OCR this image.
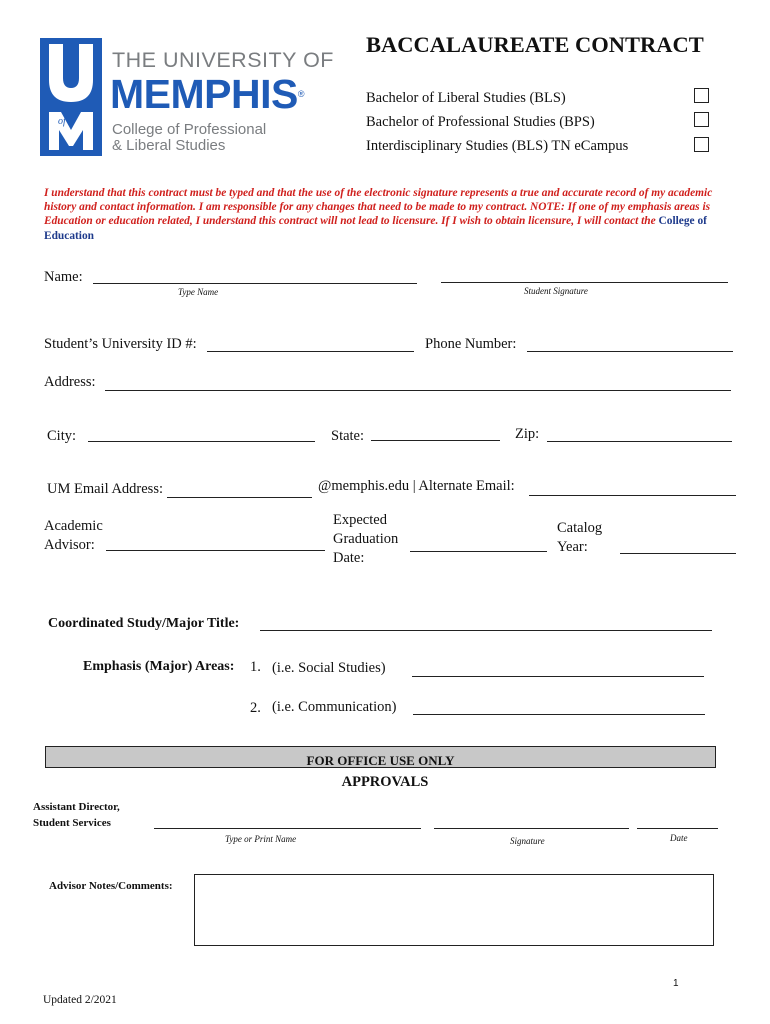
of
THE UNIVERSITY OF
MEMPHIS®
College of Professional
& Liberal Studies
BACCALAUREATE CONTRACT
Bachelor of Liberal Studies (BLS)
Bachelor of Professional Studies (BPS)
Interdisciplinary Studies (BLS) TN eCampus
I understand that this contract must be typed and that the use of the electronic signature represents a true and accurate record of my academic history and contact information. I am responsible for any changes that need to be made to my contract. NOTE: If one of my emphasis areas is Education or education related, I understand this contract will not lead to licensure. If I wish to obtain licensure, I will contact the College of Education
Name:
Type Name	Student Signature
Student’s University ID #:	Phone Number:
Address:
City:	State:	Zip:
UM Email Address:	@memphis.edu | Alternate Email:
Academic
Advisor:
Expected
Graduation
Date:
Catalog
Year:
Coordinated Study/Major Title:
Emphasis (Major) Areas: 1. (i.e. Social Studies)
2. (i.e. Communication)
FOR OFFICE USE ONLY
APPROVALS
Assistant Director,
Student Services
Type or Print Name	Signature	Date
Advisor Notes/Comments:
1
Updated 2/2021
